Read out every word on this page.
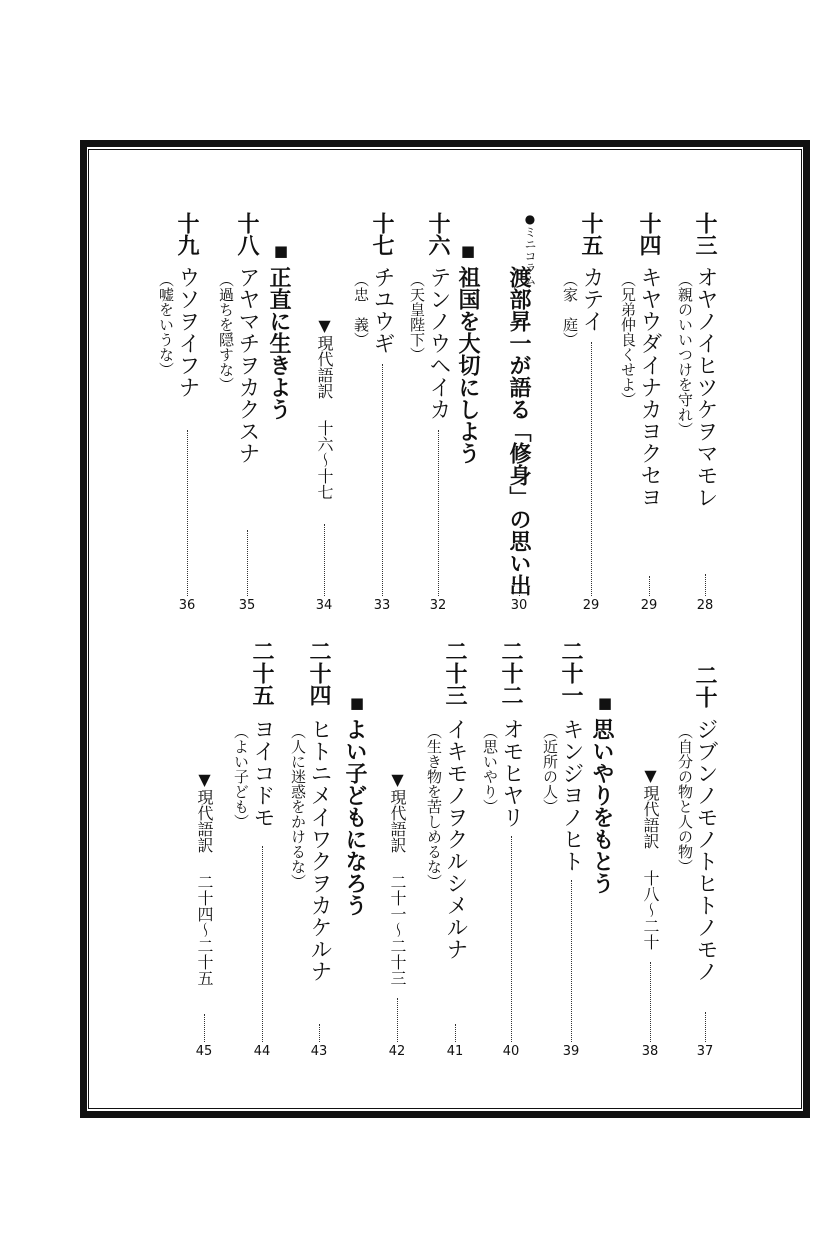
十三
オヤノイヒツケヲマモレ
（親のいいつけを守れ）
28
十四
キヤウダイナカヨクセヨ
（兄弟仲良くせよ）
29
十五
カテイ
（家　庭）
29
●ミニコラム
渡部昇一が語る「修身」の思い出
30
■
祖国を大切にしよう
十六
テンノウヘイカ
（天皇陛下）
32
十七
チユウギ
（忠　義）
33
▼現代語訳
十六〜十七
34
■
正直に生きよう
十八
アヤマチヲカクスナ
（過ちを隠すな）
35
十九
ウソヲイフナ
（嘘をいうな）
36
二十
ジブンノモノトヒトノモノ
（自分の物と人の物）
37
▼現代語訳
十八〜二十
38
■
思いやりをもとう
二十一
キンジヨノヒト
（近所の人）
39
二十二
オモヒヤリ
（思いやり）
40
二十三
イキモノヲクルシメルナ
（生き物を苦しめるな）
41
▼現代語訳
二十一〜二十三
42
■
よい子どもになろう
二十四
ヒトニメイワクヲカケルナ
（人に迷惑をかけるな）
43
二十五
ヨイコドモ
（よい子ども）
44
▼現代語訳
二十四〜二十五
45
